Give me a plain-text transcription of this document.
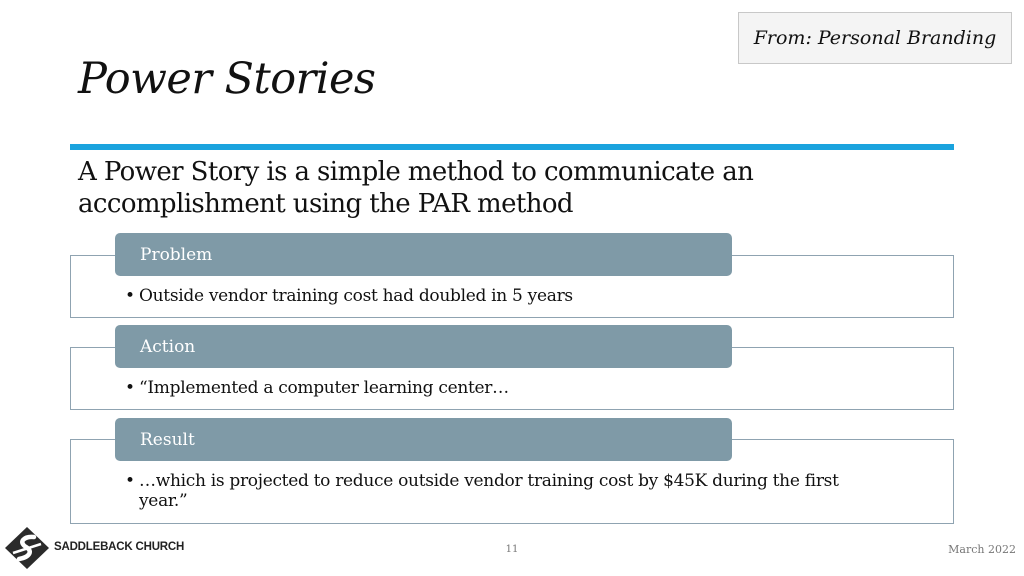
From: Personal Branding
Power Stories
A Power Story is a simple method to communicate an accomplishment using the PAR method
• Outside vendor training cost had doubled in 5 years
Problem
• “Implemented a computer learning center…
Action
• …which is projected to reduce outside vendor training cost by $45K during the first year.”
Result
SADDLEBACK CHURCH	11	March 2022
